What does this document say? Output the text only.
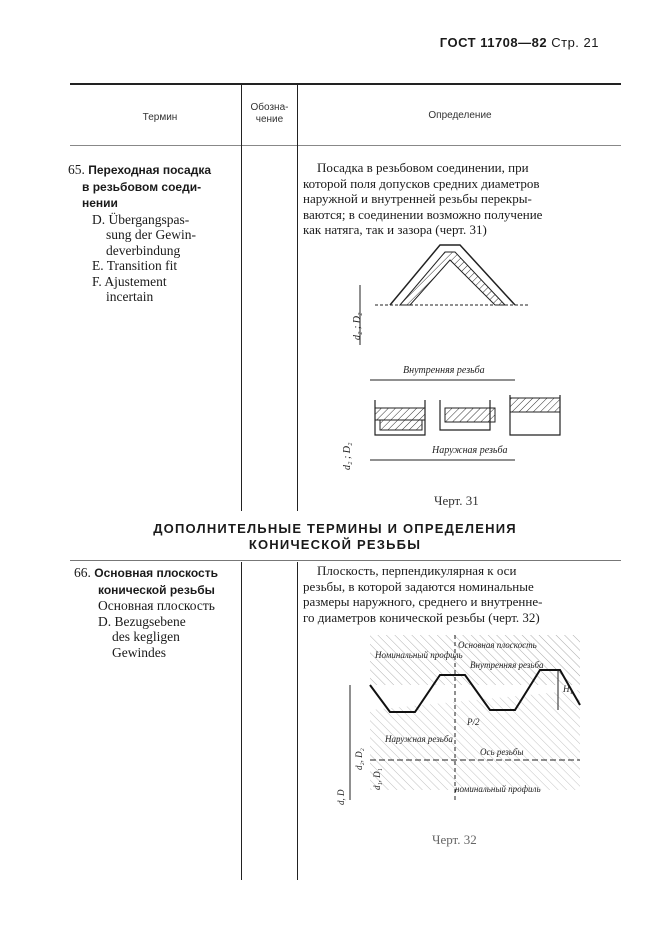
ГОСТ 11708—82 Стр. 21
Термин
Обозна-
чение	Определение
65. Переходная посадка
в резьбовом соеди-
нении
D. Übergangspas-
sung der Gewin-
deverbindung
E. Transition fit
F. Ajustement
incertain
Посадка в резьбовом соединении, при
которой поля допусков средних диаметров
наружной и внутренней резьбы перекры-
ваются; в соединении возможно получение
как натяга, так и зазора (черт. 31)
d₂ ; D₂
Внутренняя резьба
d₂ ; D₂	Наружная резьба
Черт. 31
ДОПОЛНИТЕЛЬНЫЕ ТЕРМИНЫ И ОПРЕДЕЛЕНИЯ
КОНИЧЕСКОЙ РЕЗЬБЫ
66. Основная плоскость
конической резьбы
Основная плоскость
D. Bezugsebene
des kegligen
Gewindes
Плоскость, перпендикулярная к оси
резьбы, в которой задаются номинальные
размеры наружного, среднего и внутренне-
го диаметров конической резьбы (черт. 32)
Номинальный профиль
Основная плоскость
Внутренняя резьба
H₁
P/2
Наружная резьба
Ось резьбы
номинальный профиль
d, D
d₂, D₂
d₁, D₁
Черт. 32
